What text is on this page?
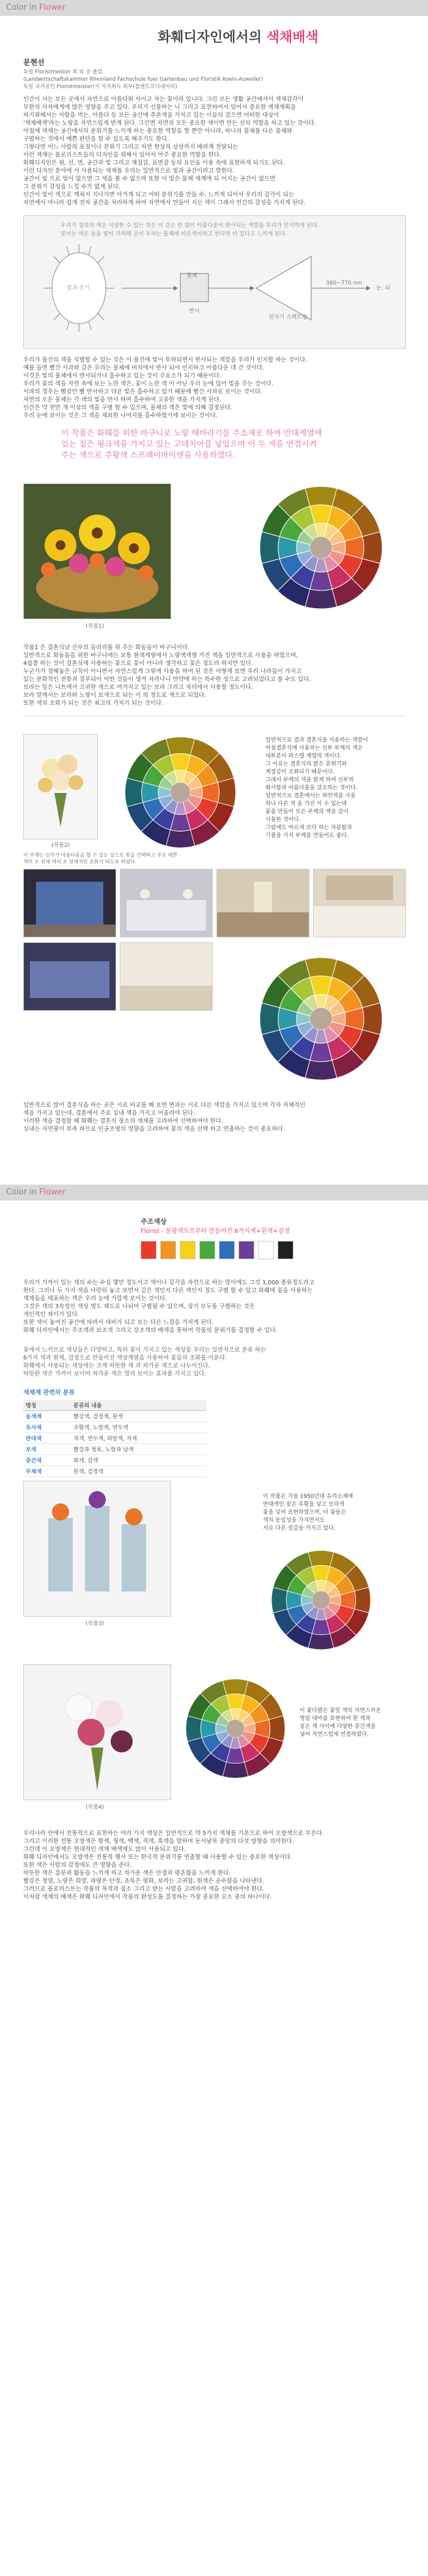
Color in Flower
화훼디자인에서의 색채배색
문현선
독일 Floristmeister 외 외 공 졸업
(Landwirtschaftskammer Rheinland Fachschule fuer Gartenbau und Floristik Koeln-Auweiler)
독일 국가공인 Floristmeister(서 자격취득 외부(플랜트코디네이터)
인간이 사는 모든 곳에서 자연으로 아름다워 사이고 자는 꽃이라 있니다. 그런 모든 생활 공간에서서 색채감각이
무한의 사자에게에 많은 영향을 주고 있다. 우리가 선물하는 니 그리고 표현하여서 있어서 중요한 색채계획을
하기위해서는 사람을 먹는, 아름다 등 모든 공간에 추론색을 가지고 있는 이들의 감으면 어떠한 대상이
'색채배색'라는 노랑을 자연스럽게 받게 된다. 그런면 자연의 모든 중요한 색이면 만든 선의 역할을 하고 있는 것이다.
아침에 색채는 공간에서의 분위기를 느끼게 하는 중요한 역할을 할 뿐만 아니라, 하나의 물체를 다른 물체와
구별하는 것에서 예쁜 판단을 할 수 있도록 해주기도 한다.
그렇다면 어느 사람의 표정이나 분위기 그리고 자연 현상의 상상까지 배려게 전달되는
이런 색채는 플로리스트들의 디자인을 위해서 있어서 아주 중요한 역할을 한다.
화훼디자인은 원, 선, 면, 공간과 빛 그리고 재질감, 표면감 등의 요인을 이용 속에 표현하게 되기도 된다.
이런 디자인 분야에 서 사용되는 색채를 우리는 일반적으로 빛과 공간이라고 말한다.
공간이 빛 으로 빛이 없으면 그 색을 볼 수 없으며 또한 이 빛은 물체 세계에 되 어지는 공간이 없으면
그 분위기 감성을 느낄 수가 없게 된다.
인간이 빛이 색으로 깨쳐서 지나가면 아가게 되고 어떠 분위기를 만들 수, 느끼게 되어서 우리의 감각이 되는
자연에서 아니라 쉽게 전자 공간을 처리하게 하여 자연에서 만들어 지는 색이 그래서 인간의 감성을 가지게 된다.
우리가 정의의 색은 시장한 수 있는 것은 이 같은 반 빛이 아름다운이 반사되는 색깔을 우리가 인지하게 된다.
빛이는 색은 돌을 빛이 가려해 곳이 우리는 물체에 따른색이라고 한다면 더 있다고 느끼게 된다.
빛과 온기
물체
반사
전자기 스펙트럼
380~770 nm
눈, 뇌
우리가 물건의 색을 식별할 수 있는 것은 이 물건에 빛이 투하되면서 반사되는 색깔을 우리가 인지할 하는 것이다.
예를 들면 빨간 사과와 같은 우리는 물체에 비치에서 반사 되어 인지하고 아름다운 데 간 것이다.
이것은 빛의 물체에서 반사되거나 흡수하고 있는 것이 주요소가 되기 때문이다.
우리가 꽃의 색을 자연 속에 보는 노란 색은, 꽃이 노란 색 이 아닌 우리 눈에 있어 빛을 주는 것이다.
사과의 경우는 빨강만 빨 반사하고 다른 빛은 흡수하고 있기 때문에 빨간 사과로 보이는 것이다.
자연의 모든 물체는 각 색의 빛을 반사 하며 흡수하여 고유한 색을 가지게 된다.
인간은 약 천만 개 이상의 색을 구별 할 수 있으며, 물체의 색은 빛에 의해 결정된다.
우리 눈에 보이는 것은 그 색을 제외한 나머지를 흡수하였기에 보이는 것이다.
이 작품은 화훼를 위한 바구니로 노랑 해바라기를 주소재로 하여 반대계열에
있는 짙은 핑크색을 가지고 있는 고데치아를 넣었으며 이 두 색을 연결시켜
주는 색으로 주황색 스프레이바이엔을 사용하였다.
(작품1)
작품1 은 결혼식날 신부의 들러리를 위 주는 화동들이 바구니이다.
일반적으로 화동들을 위한 바구니에는 보통 흰색계열에서 노랑색계열 가진 색을 일반적으로 사용을 하였으며,
4월쯤 하는 것이 결혼식에 사용하는 꽃으로 꽃이 아니라 생각하고 꽃은 정도라 하지만 있다.
누군가가 정해놓은 규칙이 아니면서 자연스럽게 그렇게 사용을 하여 된 것은 어떻게 보면 우리 나라들이 가지고
있는 문화적인 전통과 결부되어 어떤 것들이 생겨 자라나니 만약에 하는 특수한 상으로 고려되었다고 볼 수도 있다.
보라는 잎은 니트에서 고귀한 색으로 여겨지고 있는 보라 그리고 자리에서 사용할 정도이다.
보라 말에서는 보라와 노랑이 보색으로 되는 이 의 정도로 색으로 되었다.
또한 색의 조화가 되는 것은 최고의 가치가 되는 것이다.
(작품2)
이 부케는 신부가 아름다움을 할 수 있는 상으로 꽃을 선택하고 주로 예쁜
색의 조 전체 색의 조 전체적인 조화가 되도록 하였다.
일반적으로 결과 결혼식을 사용하는 색깔이
아침결혼식에 사용하는 신부 부케의 색은
대부분이 파스텔 계열의 색이다.
그 이유는 결혼식의 밝은 분위기와
계절감이 조화되기 때문이다.
그래서 부케의 색을 밝게 하여 신부의
화사함과 아름다움을 강조하는 것이다.
일반적으로 결혼에서는 하얀색을 사용
하나 다른 색 을 가진 이 수 있는데
꽃을 만들어 모든 부케의 색을 같이
사용한 것이다.
그럼에도 바르게 보다 하는 차분함과
기품을 가지 부케를 만들어도 좋다.
일반적으로 많이 결혼식을 하는 곳은 시로 비교를 해 보면 면과는 서로 다른 색깔을 가지고 있으며 각자 자체적인
색을 가지고 있는데, 결혼에서 주로 실내 색을 가지고 어울려야 된다.
이러한 색을 결정할 때 화훼는 결혼식 장소의 색채를 고려하여 선택하여야 한다.
실내는 자연광이 부족 하므로 인공조명의 영향을 고려하여 꽃의 색을 선택 하고 연출하는 것이 중요하다.
Color in Flower
주조색상
Florist - 분광색으로부터 만들어진 6가지색+흰색+검정
우리가 가까이 있는 색의 수는 수십 몇만 정도이고 색이나 감각을 자연으로 하는 말이에도 그것 1,000 종류정도라고
한다. 그러나 두 가지 색을 나란히 놓고 보면서 같은 색인지 다른 색인지 정도 구별 할 수 있고 화훼에 꽃을 사용하는
색채들을 대표하는 색은 우리 눈에 가깝게 보이는 것이다.
그것은 색의 3속성인 색상 명도 채도로 나뉘어 구별될 수 있으며, 상기 모두를 구별하는 것은
개인적인 차이가 있다.
또한 색이 놓여진 공간에 따라서 대비가 되고 보는 다른 느낌을 가지게 된다.
화훼 디자인에서는 주조색과 보조색 그리고 강조색의 배색을 통하여 작품의 분위기를 결정할 수 있다.
꽃에서 느끼므로 색상들은 다양하고, 특히 꽃이 가지고 있는 색상을 우리는 일반적으로 분류 하는
6가지 색과 흰색, 검정으로 만들어진 색상계열을 사용하여 꽃들의 조화를 이룬다.
화훼에서 사용되는 색상에는 크게 따뜻한 색 과 차가운 색으로 나누어진다.
따뜻한 색은 가까이 보이며 차가운 색은 멀리 보이는 효과를 가지고 있다.
색채계 관련의 분류
명칭	분류의 내용
동색계	빨강색, 검정색, 흰색
유사색	주황색, 노랑색, 연두색
반대색	적색, 연두색, 파랑색, 자색
보색	빨강과 청록, 노랑과 남색
중간색	회색, 갈색
무채색	흰색, 검정색
(작품3)
이 작품은 가을 1950년대 유리소재에
반대색인 짙은 주황을 넣고 보라색
꽃을 넣어 표현하였으며, 이 꽃들은
색의 동일성을 가지면서도
서로 다른 질감을 가지고 있다.
(작품4)
이 꽃다발은 꽃잎 색의 자연스러운
명암 대비를 표현하여 흰 색과
짙은 색 사이에 다양한 중간색을
넣어 자연스럽게 연결하였다.
우리나라 안에서 전통적으로 표현하는 여러 가지 색상은 일반적으로 약 5가지 색채를 기본으로 하여 오방색으로 부른다.
그리고 이러한 전통 오방색은 황색, 청색, 백색, 적색, 흑색을 말하며 동서남북 중앙의 다섯 방향을 의미한다.
그런데 이 오방색은 현대적인 색채 배색에도 많이 사용되고 있다.
화훼 디자인에서도 오방색은 전통적 행사 또는 한국적 분위기를 연출할 때 사용할 수 있는 중요한 색상이다.
또한 색은 사람의 감정에도 큰 영향을 준다.
따뜻한 색은 흥분과 활동을 느끼게 하고 차가운 색은 안정과 평온함을 느끼게 한다.
빨강은 정열, 노랑은 희망, 파랑은 안정, 초록은 평화, 보라는 고귀함, 흰색은 순수함을 나타낸다.
그러므로 플로리스트는 작품의 목적과 장소 그리고 받는 사람을 고려하여 색을 선택하여야 한다.
이처럼 색채의 배색은 화훼 디자인에서 작품의 완성도를 결정하는 가장 중요한 요소 중의 하나이다.
